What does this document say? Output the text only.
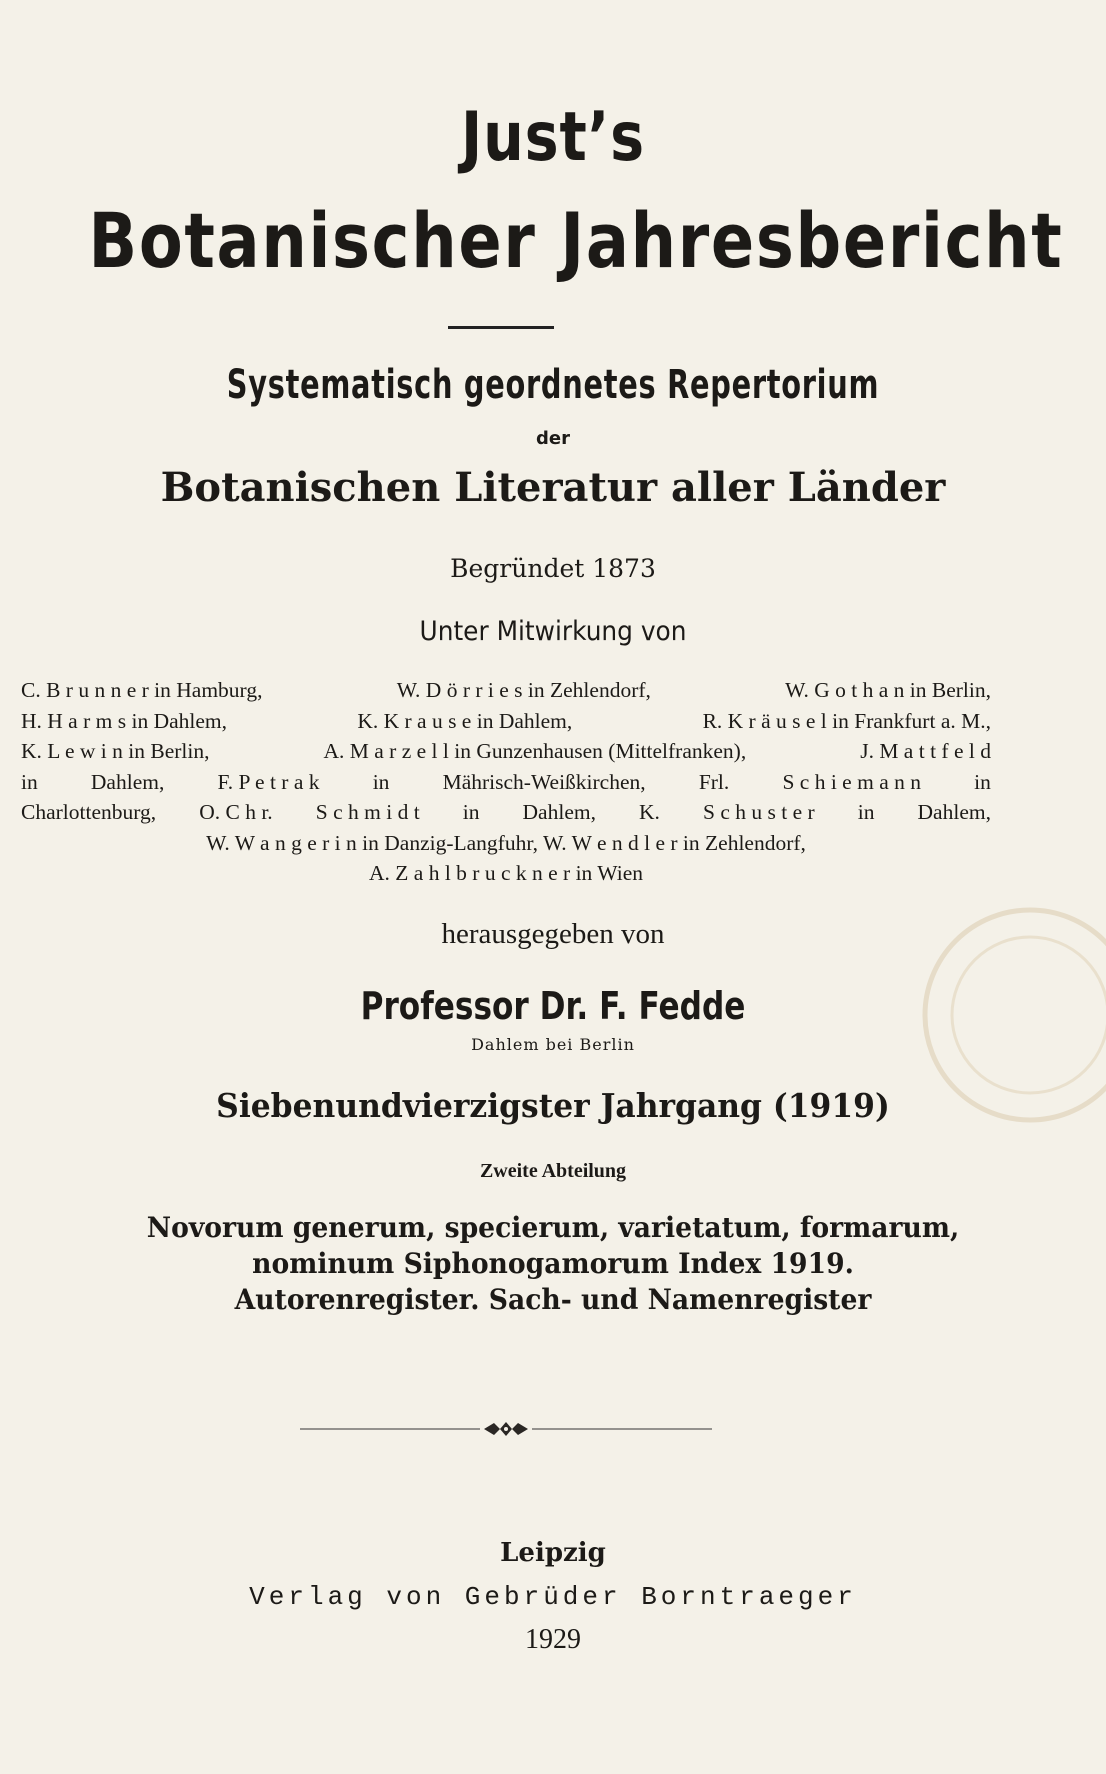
Just’s
Botanischer Jahresbericht
Systematisch geordnetes Repertorium
der
Botanischen Literatur aller Länder
Begründet 1873
Unter Mitwirkung von
C. B r u n n e r in Hamburg,	W. D ö r r i e s in Zehlendorf,	W. G o t h a n in Berlin,
H. H a r m s in Dahlem,	K. K r a u s e in Dahlem,	R. K r ä u s e l in Frankfurt a. M.,
K. L e w i n in Berlin,	A. M a r z e l l in Gunzenhausen (Mittelfranken),	J. M a t t f e l d
in Dahlem, F. P e t r a k in Mährisch-Weißkirchen, Frl. S c h i e m a n n in
Charlottenburg, O. C h r. S c h m i d t in Dahlem, K. S c h u s t e r in Dahlem,
W. W a n g e r i n in Danzig-Langfuhr, W. W e n d l e r in Zehlendorf,
A. Z a h l b r u c k n e r in Wien
herausgegeben von
Professor Dr. F. Fedde
Dahlem bei Berlin
Siebenundvierzigster Jahrgang (1919)
Zweite Abteilung
Novorum generum, specierum, varietatum, formarum,
nominum Siphonogamorum Index 1919.
Autorenregister. Sach- und Namenregister
Leipzig
Verlag von Gebrüder Borntraeger
1929
